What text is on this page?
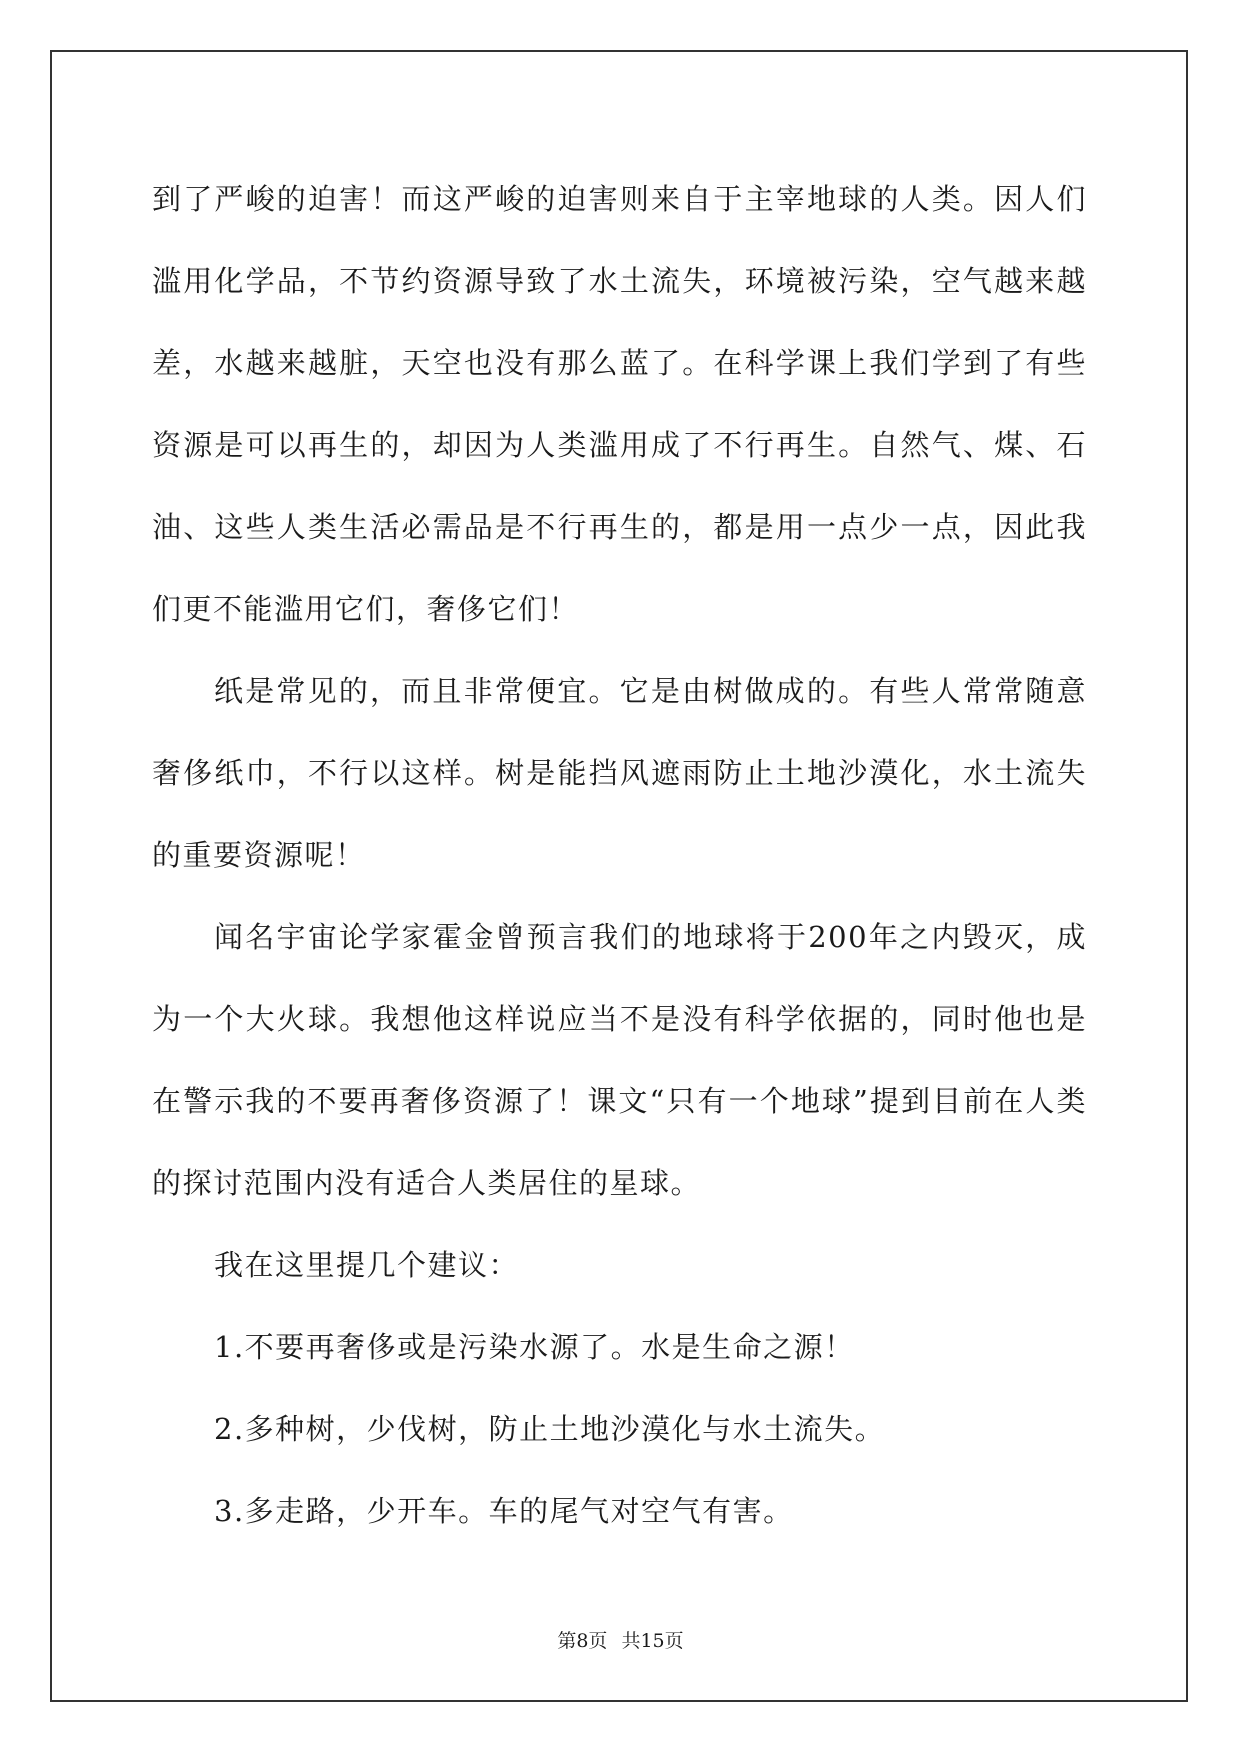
到了严峻的迫害！而这严峻的迫害则来自于主宰地球的人类。因人们滥用化学品，不节约资源导致了水土流失，环境被污染，空气越来越差，水越来越脏，天空也没有那么蓝了。在科学课上我们学到了有些资源是可以再生的，却因为人类滥用成了不行再生。自然气、煤、石油、这些人类生活必需品是不行再生的，都是用一点少一点，因此我们更不能滥用它们，奢侈它们！

纸是常见的，而且非常便宜。它是由树做成的。有些人常常随意奢侈纸巾，不行以这样。树是能挡风遮雨防止土地沙漠化，水土流失的重要资源呢！

闻名宇宙论学家霍金曾预言我们的地球将于200年之内毁灭，成为一个大火球。我想他这样说应当不是没有科学依据的，同时他也是在警示我的不要再奢侈资源了！课文“只有一个地球”提到目前在人类的探讨范围内没有适合人类居住的星球。

我在这里提几个建议：

1.不要再奢侈或是污染水源了。水是生命之源！

2.多种树，少伐树，防止土地沙漠化与水土流失。

3.多走路，少开车。车的尾气对空气有害。

第8页 共15页
